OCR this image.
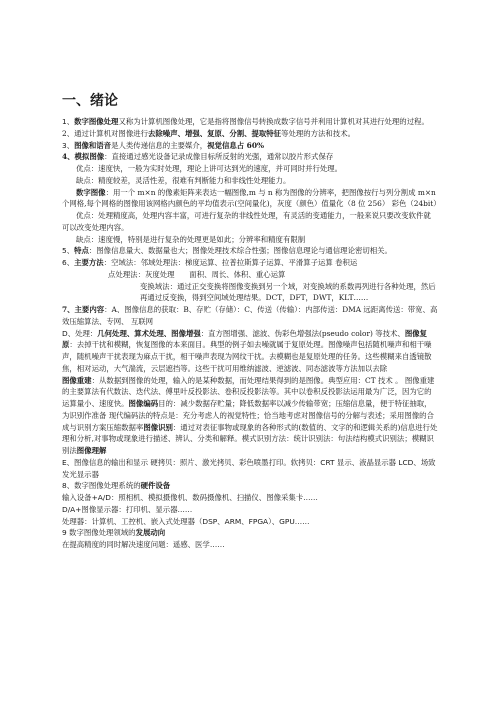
一、绪论

1、数字图像处理又称为计算机图像处理，它是指将图像信号转换成数字信号并利用计算机对其进行处理的过程。

2、通过计算机对图像进行去除噪声、增强、复原、分割、提取特征等处理的方法和技术。

3、图像和语音是人类传递信息的主要媒介，视觉信息占 60%

4、模拟图像：直接通过感光设备记录成像目标所反射的光强，通常以胶片形式保存

优点：速度快，一般为实时处理，理论上讲可达到光的速度，并可同时并行处理。

缺点：精度较差，灵活性差，很难有判断能力和非线性处理能力。

数字图像：用一个 m×n 的像素矩阵来表达一幅图像,m 与 n 称为图像的分辨率，把图像按行与列分割成 m×n 个网格,每个网格的图像用该网格内颜色的平均值表示(空间量化)，灰度（颜色）值量化（8 位 256） 彩色（24bit）

优点：处理精度高，处理内容丰富，可进行复杂的非线性处理，有灵活的变通能力，一般来说只要改变软件就可以改变处理内容。

缺点：速度慢，特别是进行复杂的处理更是如此；分辨率和精度有限制

5、特点：图像信息量大、数据量也大；图像处理技术综合性强；图像信息理论与通信理论密切相关。

6、主要方法：空域法：邻域处理法：梯度运算、拉普拉斯算子运算、平滑算子运算 卷积运

点处理法：灰度处理　　面积、周长、体积、重心运算

变换域法：通过正交变换将图像变换到另一个域，对变换域的系数再列进行各种处理，然后再通过反变换，得到空间域处理结果。DCT，DFT，DWT，KLT……

7、主要内容：A、图像信息的获取：B、存贮（存储）：C、传送（传输）：内部传送：DMA 远距离传送：带宽、高效压缩算法、专网、 互联网

D、处理：几何处理、算术处理、图像增强：直方图增强、滤波、伪彩色增强法(pseudo color) 等技术、图像复原：去掉干扰和模糊，恢复图像的本来面目。典型的例子如去噪就属于复原处理。图像噪声包括随机噪声和相干噪声，随机噪声干扰表现为麻点干扰，相干噪声表现为网纹干扰。去模糊也是复原处理的任务。这些模糊来自透镜散焦，相对运动，大气湍流，云层遮挡等。这些干扰可用维纳滤波、逆滤波、同态滤波等方法加以去除

图像重建：从数据到图像的处理，输入的是某种数据，而处理结果得到的是图像。典型应用：CT 技术 。 图像重建的主要算法有代数法、迭代法、傅里叶反投影法、卷积反投影法等。其中以卷积反投影法运用最为广泛，因为它的运算量小、速度快。图像编码目的：减少数据存贮量；降低数据率以减少传输带宽；压缩信息量，便于特征抽取，为识别作准备 现代编码法的特点是：充分考虑人的视觉特性；恰当地考虑对图像信号的分解与表述；采用图像的合成与识别方案压缩数据率图像识别：通过对表征事物或现象的各种形式的(数值的、文字的和逻辑关系的)信息进行处理和分析,对事物或现象进行描述、辨认、分类和解释。模式识别方法：统计识别法：句法结构模式识别法；模糊识别法图像理解

E、图像信息的输出和显示 硬拷贝：照片、激光拷贝、彩色喷墨打印。软拷贝：CRT 显示、液晶显示器 LCD、场致发光显示器

8、数字图像处理系统的硬件设备

输入设备+A/D：照相机、模拟摄像机、数码摄像机、扫描仪、图像采集卡……

D/A+图像显示器：打印机、显示器……

处理器：计算机、工控机、嵌入式处理器（DSP、ARM、FPGA）、GPU……

9 数字图像处理领域的发展动向

在提高精度的同时解决速度问题：遥感、医学……
